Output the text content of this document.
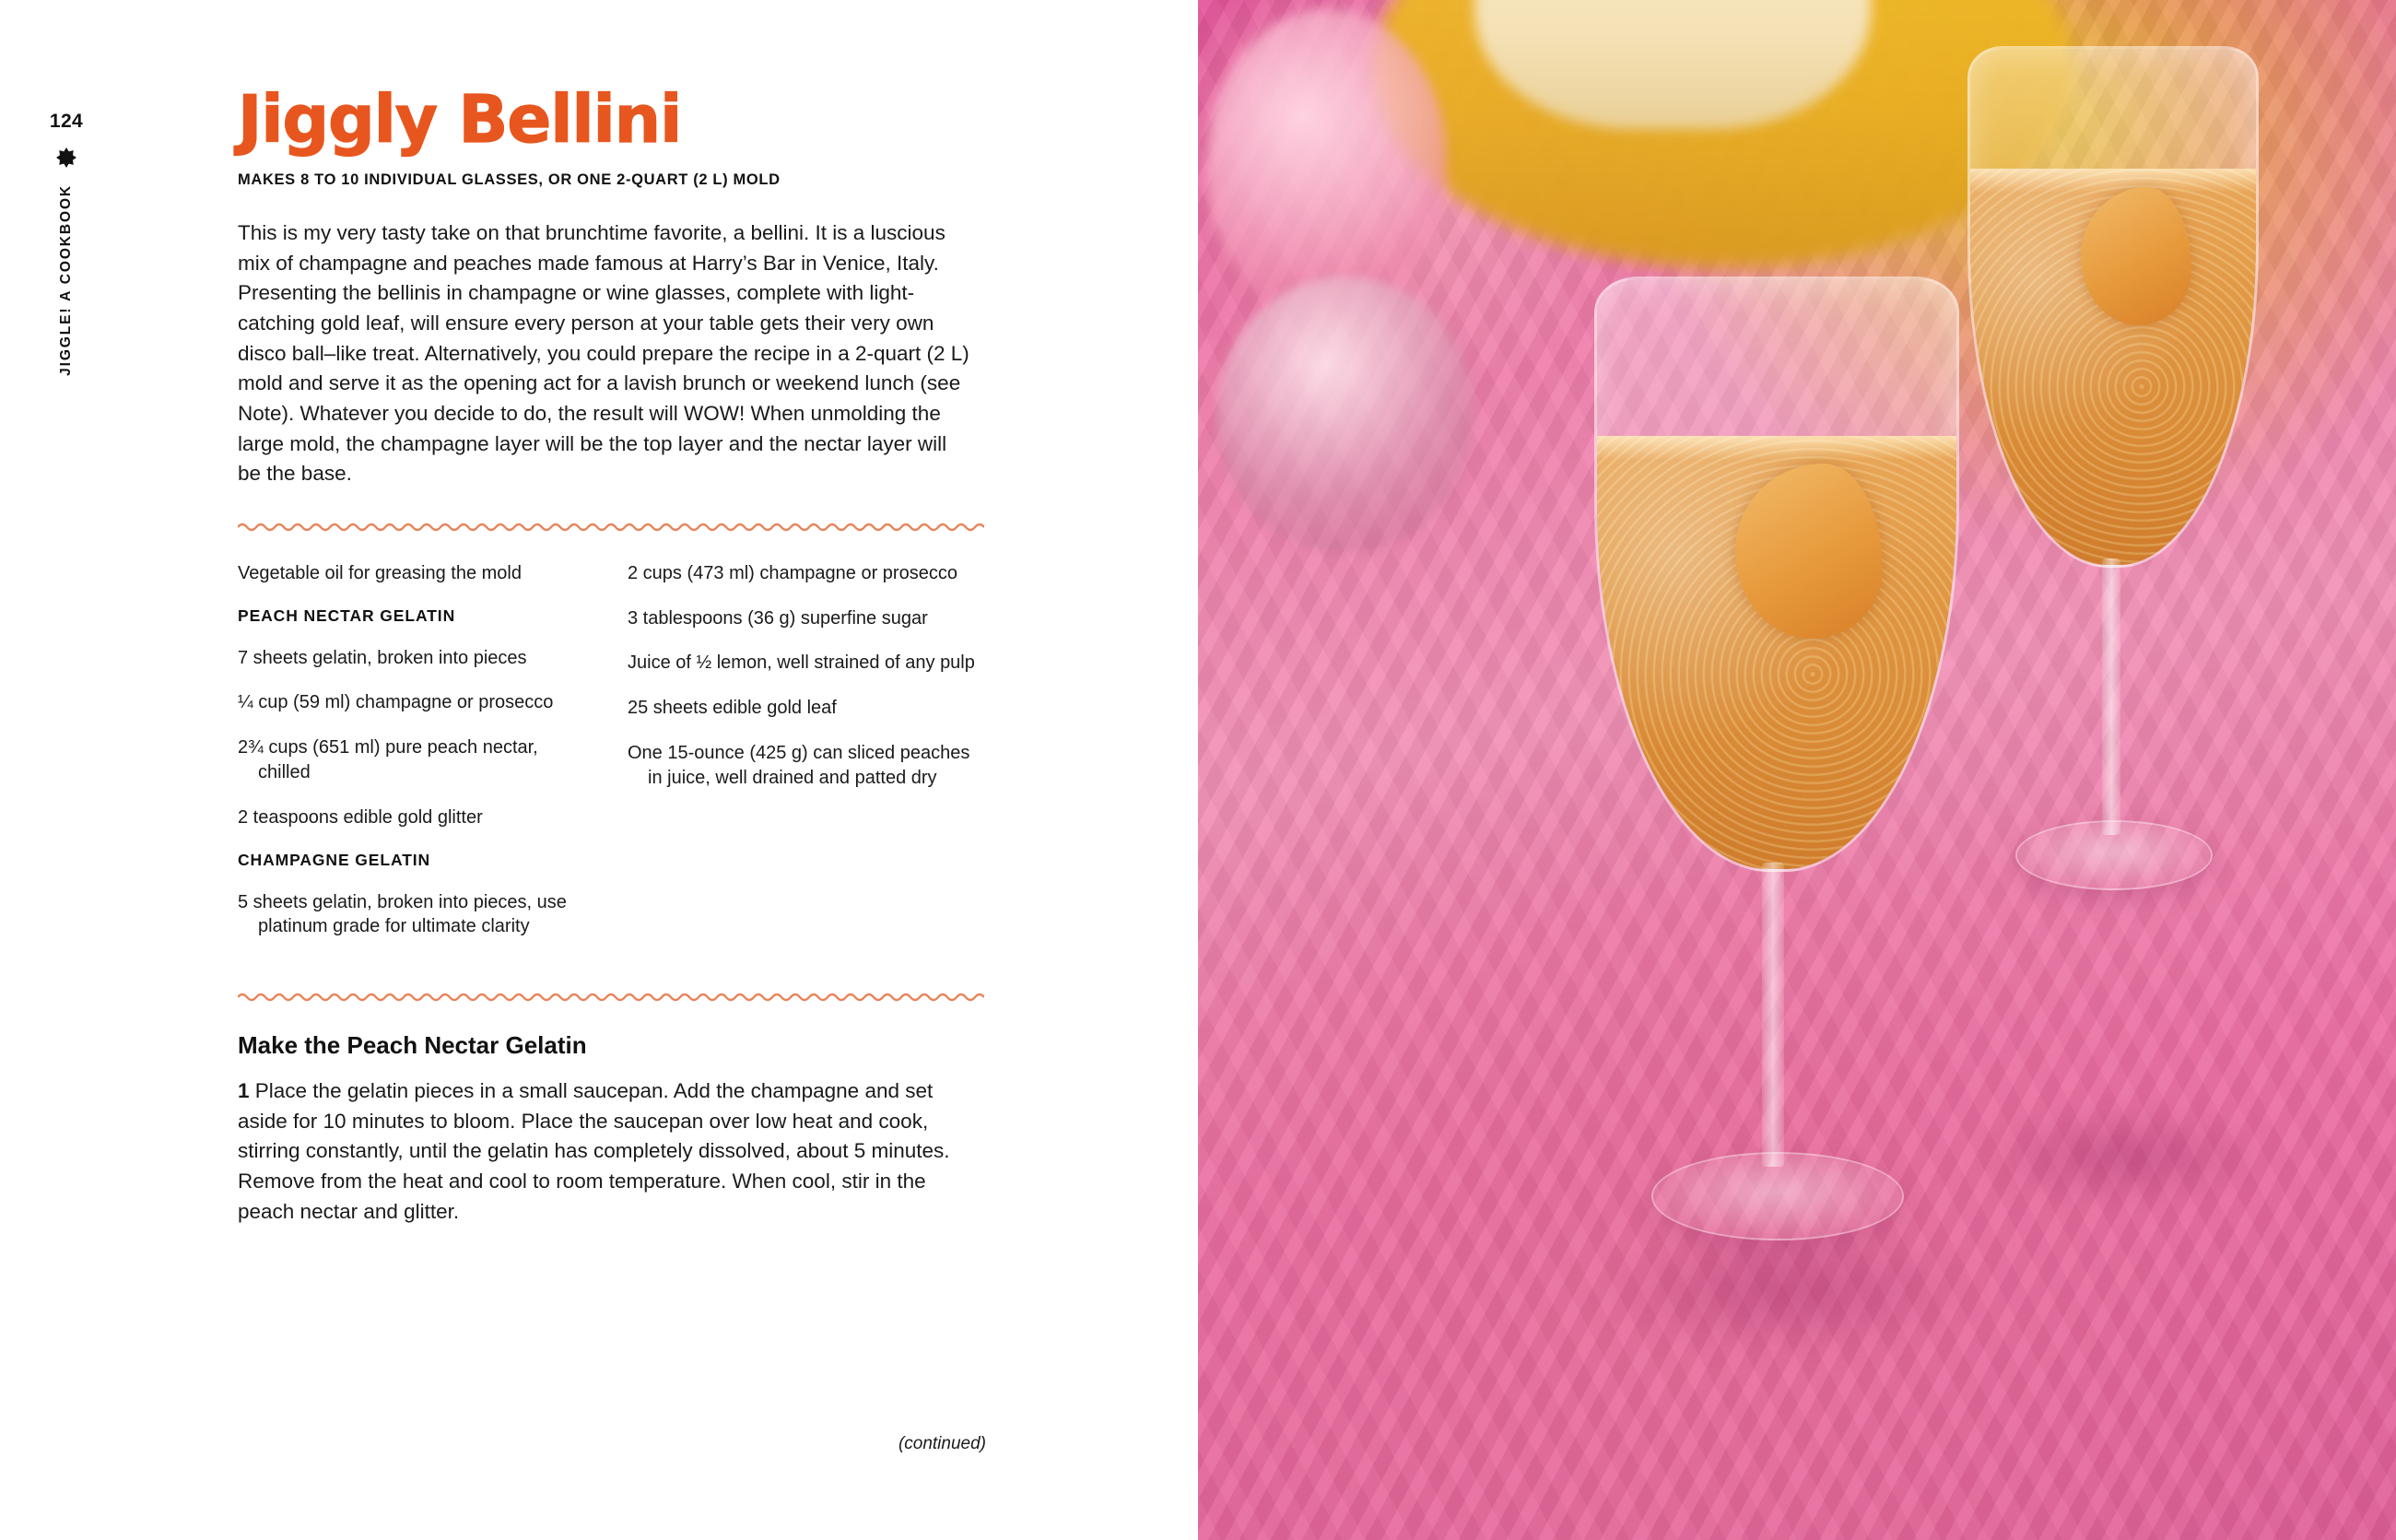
124
JIGGLE! A COOKBOOK
Jiggly Bellini
MAKES 8 TO 10 INDIVIDUAL GLASSES, OR ONE 2-QUART (2 L) MOLD

This is my very tasty take on that brunchtime favorite, a bellini. It is a luscious mix of champagne and peaches made famous at Harry’s Bar in Venice, Italy. Presenting the bellinis in champagne or wine glasses, complete with light-catching gold leaf, will ensure every person at your table gets their very own disco ball–like treat. Alternatively, you could prepare the recipe in a 2-quart (2 L) mold and serve it as the opening act for a lavish brunch or weekend lunch (see Note). Whatever you decide to do, the result will WOW! When unmolding the large mold, the champagne layer will be the top layer and the nectar layer will be the base.

Vegetable oil for greasing the mold

PEACH NECTAR GELATIN

7 sheets gelatin, broken into pieces

¼ cup (59 ml) champagne or prosecco

2¾ cups (651 ml) pure peach nectar, chilled

2 teaspoons edible gold glitter

CHAMPAGNE GELATIN

5 sheets gelatin, broken into pieces, use platinum grade for ultimate clarity

2 cups (473 ml) champagne or prosecco

3 tablespoons (36 g) superfine sugar

Juice of ½ lemon, well strained of any pulp

25 sheets edible gold leaf

One 15-ounce (425 g) can sliced peaches in juice, well drained and patted dry

Make the Peach Nectar Gelatin

1 Place the gelatin pieces in a small saucepan. Add the champagne and set aside for 10 minutes to bloom. Place the saucepan over low heat and cook, stirring constantly, until the gelatin has completely dissolved, about 5 minutes. Remove from the heat and cool to room temperature. When cool, stir in the peach nectar and glitter.

(continued)
